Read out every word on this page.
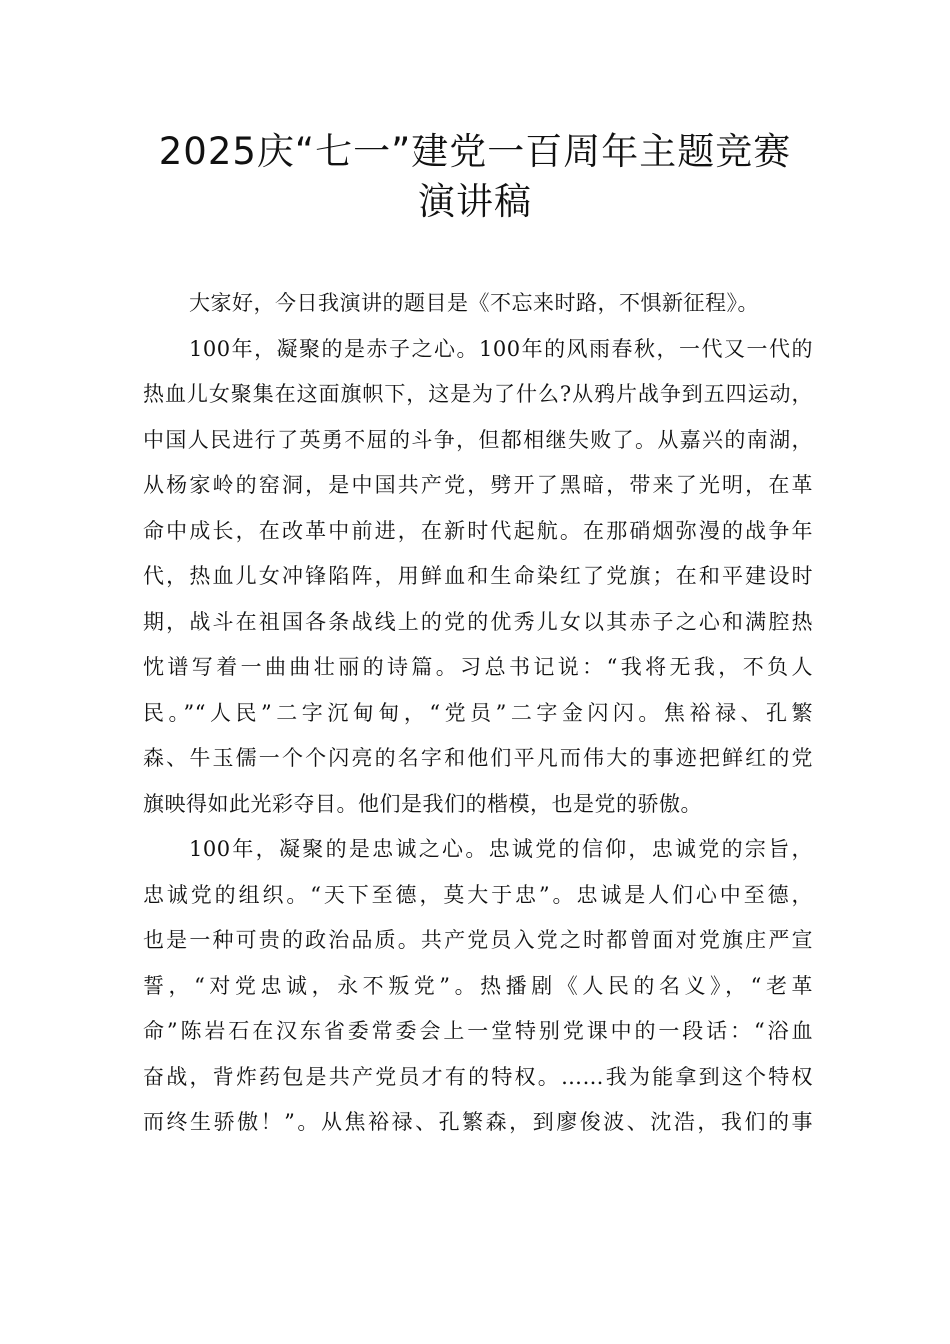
2025庆“七一”建党一百周年主题竞赛
演讲稿
大家好，今日我演讲的题目是《不忘来时路，不惧新征程》。
100年，凝聚的是赤子之心。100年的风雨春秋，一代又一代的
热血儿女聚集在这面旗帜下，这是为了什么?从鸦片战争到五四运动，
中国人民进行了英勇不屈的斗争，但都相继失败了。从嘉兴的南湖，
从杨家岭的窑洞，是中国共产党，劈开了黑暗，带来了光明，在革
命中成长，在改革中前进，在新时代起航。在那硝烟弥漫的战争年
代，热血儿女冲锋陷阵，用鲜血和生命染红了党旗；在和平建设时
期，战斗在祖国各条战线上的党的优秀儿女以其赤子之心和满腔热
忱谱写着一曲曲壮丽的诗篇。习总书记说：“我将无我，不负人
民。”“人民”二字沉甸甸，“党员”二字金闪闪。焦裕禄、孔繁
森、牛玉儒一个个闪亮的名字和他们平凡而伟大的事迹把鲜红的党
旗映得如此光彩夺目。他们是我们的楷模，也是党的骄傲。
100年，凝聚的是忠诚之心。忠诚党的信仰，忠诚党的宗旨，
忠诚党的组织。“天下至德，莫大于忠”。忠诚是人们心中至德，
也是一种可贵的政治品质。共产党员入党之时都曾面对党旗庄严宣
誓，“对党忠诚，永不叛党”。热播剧《人民的名义》，“老革
命”陈岩石在汉东省委常委会上一堂特别党课中的一段话：“浴血
奋战，背炸药包是共产党员才有的特权。……我为能拿到这个特权
而终生骄傲！”。从焦裕禄、孔繁森，到廖俊波、沈浩，我们的事
